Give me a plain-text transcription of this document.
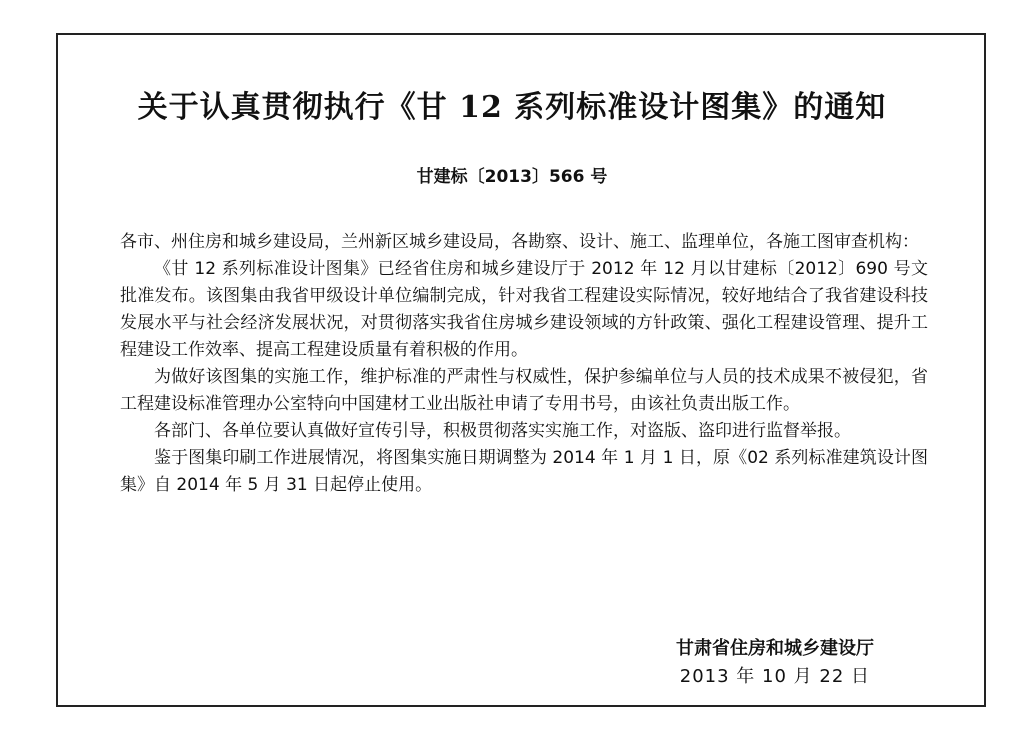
关于认真贯彻执行《甘 12 系列标准设计图集》的通知
甘建标〔2013〕566 号

各市、州住房和城乡建设局，兰州新区城乡建设局，各勘察、设计、施工、监理单位，各施工图审查机构：

《甘 12 系列标准设计图集》已经省住房和城乡建设厅于 2012 年 12 月以甘建标〔2012〕690 号文批准发布。该图集由我省甲级设计单位编制完成，针对我省工程建设实际情况，较好地结合了我省建设科技发展水平与社会经济发展状况，对贯彻落实我省住房城乡建设领域的方针政策、强化工程建设管理、提升工程建设工作效率、提高工程建设质量有着积极的作用。

为做好该图集的实施工作，维护标准的严肃性与权威性，保护参编单位与人员的技术成果不被侵犯，省工程建设标准管理办公室特向中国建材工业出版社申请了专用书号，由该社负责出版工作。

各部门、各单位要认真做好宣传引导，积极贯彻落实实施工作，对盗版、盗印进行监督举报。

鉴于图集印刷工作进展情况，将图集实施日期调整为 2014 年 1 月 1 日，原《02 系列标准建筑设计图集》自 2014 年 5 月 31 日起停止使用。

甘肃省住房和城乡建设厅
2013 年 10 月 22 日
